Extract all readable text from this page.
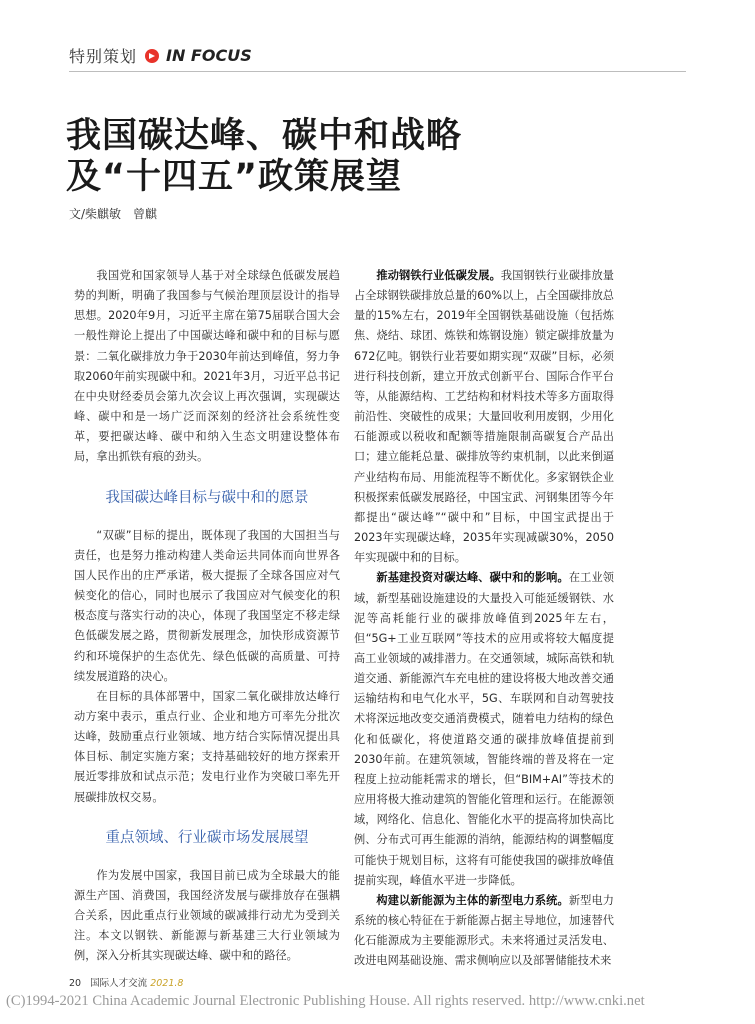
特别策划 IN FOCUS
我国碳达峰、碳中和战略
及“十四五”政策展望
文/柴麒敏　曾麒

我国党和国家领导人基于对全球绿色低碳发展趋势的判断，明确了我国参与气候治理顶层设计的指导思想。2020年9月，习近平主席在第75届联合国大会一般性辩论上提出了中国碳达峰和碳中和的目标与愿景：二氧化碳排放力争于2030年前达到峰值，努力争取2060年前实现碳中和。2021年3月，习近平总书记在中央财经委员会第九次会议上再次强调，实现碳达峰、碳中和是一场广泛而深刻的经济社会系统性变革，要把碳达峰、碳中和纳入生态文明建设整体布局，拿出抓铁有痕的劲头。

我国碳达峰目标与碳中和的愿景

“双碳”目标的提出，既体现了我国的大国担当与责任，也是努力推动构建人类命运共同体而向世界各国人民作出的庄严承诺，极大提振了全球各国应对气候变化的信心，同时也展示了我国应对气候变化的积极态度与落实行动的决心，体现了我国坚定不移走绿色低碳发展之路，贯彻新发展理念，加快形成资源节约和环境保护的生态优先、绿色低碳的高质量、可持续发展道路的决心。

在目标的具体部署中，国家二氧化碳排放达峰行动方案中表示，重点行业、企业和地方可率先分批次达峰，鼓励重点行业领域、地方结合实际情况提出具体目标、制定实施方案；支持基础较好的地方探索开展近零排放和试点示范；发电行业作为突破口率先开展碳排放权交易。

重点领域、行业碳市场发展展望

作为发展中国家，我国目前已成为全球最大的能源生产国、消费国，我国经济发展与碳排放存在强耦合关系，因此重点行业领域的碳减排行动尤为受到关注。本文以钢铁、新能源与新基建三大行业领域为例，深入分析其实现碳达峰、碳中和的路径。

推动钢铁行业低碳发展。我国钢铁行业碳排放量占全球钢铁碳排放总量的60%以上，占全国碳排放总量的15%左右，2019年全国钢铁基础设施（包括炼焦、烧结、球团、炼铁和炼钢设施）锁定碳排放量为672亿吨。钢铁行业若要如期实现“双碳”目标，必须进行科技创新，建立开放式创新平台、国际合作平台等，从能源结构、工艺结构和材料技术等多方面取得前沿性、突破性的成果；大量回收利用废钢，少用化石能源或以税收和配额等措施限制高碳复合产品出口；建立能耗总量、碳排放等约束机制，以此来倒逼产业结构布局、用能流程等不断优化。多家钢铁企业积极探索低碳发展路径，中国宝武、河钢集团等今年都提出“碳达峰”“碳中和”目标，中国宝武提出于2023年实现碳达峰，2035年实现减碳30%，2050年实现碳中和的目标。

新基建投资对碳达峰、碳中和的影响。在工业领域，新型基础设施建设的大量投入可能延缓钢铁、水泥等高耗能行业的碳排放峰值到2025年左右，但“5G+工业互联网”等技术的应用或将较大幅度提高工业领域的减排潜力。在交通领域，城际高铁和轨道交通、新能源汽车充电桩的建设将极大地改善交通运输结构和电气化水平，5G、车联网和自动驾驶技术将深远地改变交通消费模式，随着电力结构的绿色化和低碳化，将使道路交通的碳排放峰值提前到2030年前。在建筑领域，智能终端的普及将在一定程度上拉动能耗需求的增长，但“BIM+AI”等技术的应用将极大推动建筑的智能化管理和运行。在能源领域，网络化、信息化、智能化水平的提高将加快高比例、分布式可再生能源的消纳，能源结构的调整幅度可能快于规划目标，这将有可能使我国的碳排放峰值提前实现，峰值水平进一步降低。

构建以新能源为主体的新型电力系统。新型电力系统的核心特征在于新能源占据主导地位，加速替代化石能源成为主要能源形式。未来将通过灵活发电、改进电网基础设施、需求侧响应以及部署储能技术来

20 国际人才交流 2021.8
(C)1994-2021 China Academic Journal Electronic Publishing House. All rights reserved. http://www.cnki.net
